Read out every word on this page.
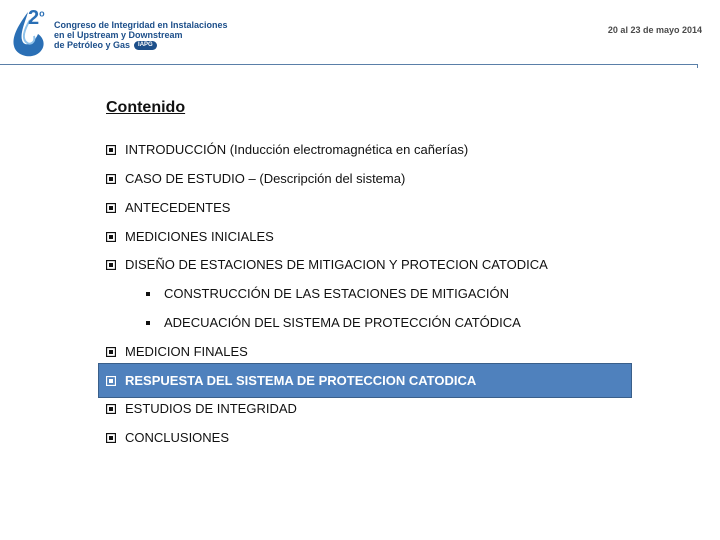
2$^o$
Congreso de Integridad en Instalaciones
en el Upstream y Downstream
de Petróleo y Gas IAPG
20 al 23 de mayo 2014
Contenido
INTRODUCCIÓN (Inducción electromagnética en cañerías)
CASO DE ESTUDIO – (Descripción del sistema)
ANTECEDENTES
MEDICIONES INICIALES
DISEÑO DE ESTACIONES DE MITIGACION Y PROTECION CATODICA
CONSTRUCCIÓN DE LAS ESTACIONES DE MITIGACIÓN
ADECUACIÓN DEL SISTEMA DE PROTECCIÓN CATÓDICA
MEDICION FINALES
RESPUESTA DEL SISTEMA DE PROTECCION CATODICA
ESTUDIOS DE INTEGRIDAD
CONCLUSIONES
